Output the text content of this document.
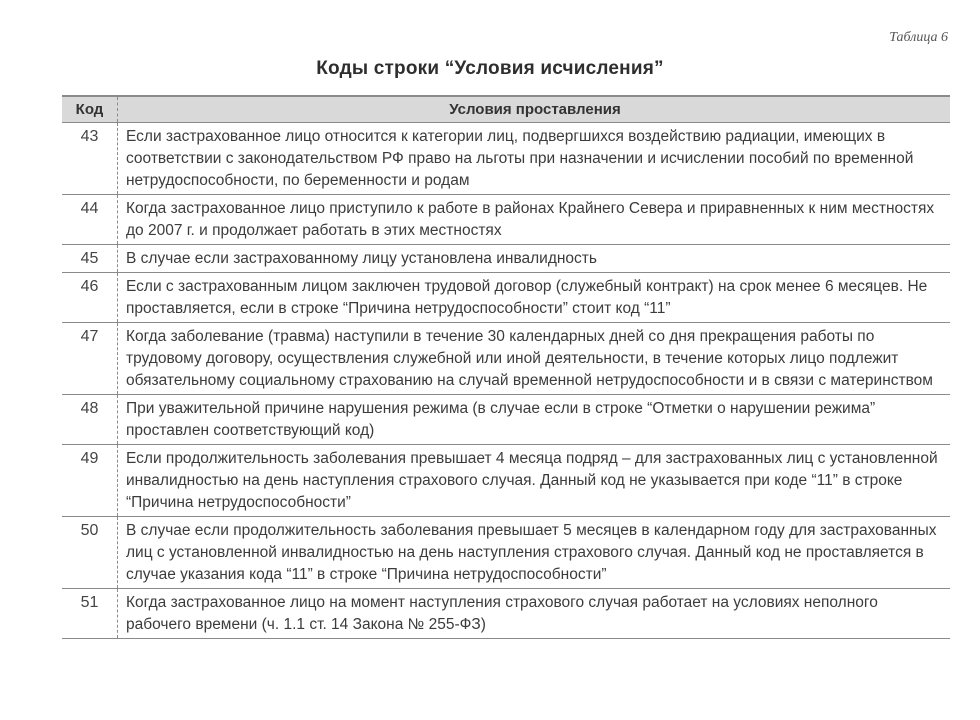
Таблица 6
Коды строки “Условия исчисления”
Код	Условия проставления
43	Если застрахованное лицо относится к категории лиц, подвергшихся воздействию радиации, имеющих в соответствии с законодательством РФ право на льготы при назначении и исчислении пособий по временной нетрудоспособности, по беременности и родам
44	Когда застрахованное лицо приступило к работе в районах Крайнего Севера и приравненных к ним местностях до 2007 г. и продолжает работать в этих местностях
45	В случае если застрахованному лицу установлена инвалидность
46	Если с застрахованным лицом заключен трудовой договор (служебный контракт) на срок менее 6 месяцев. Не проставляется, если в строке “Причина нетрудоспособности” стоит код “11”
47	Когда заболевание (травма) наступили в течение 30 календарных дней со дня прекращения работы по трудовому договору, осуществления служебной или иной деятельности, в течение которых лицо подлежит обязательному социальному страхованию на случай временной нетрудоспособности и в связи с материнством
48	При уважительной причине нарушения режима (в случае если в строке “Отметки о нарушении режима” проставлен соответствующий код)
49	Если продолжительность заболевания превышает 4 месяца подряд – для застрахованных лиц с установленной инвалидностью на день наступления страхового случая. Данный код не указывается при коде “11” в строке “Причина нетрудоспособности”
50	В случае если продолжительность заболевания превышает 5 месяцев в календарном году для застрахованных лиц с установленной инвалидностью на день наступления страхового случая. Данный код не проставляется в случае указания кода “11” в строке “Причина нетрудоспособности”
51	Когда застрахованное лицо на момент наступления страхового случая работает на условиях неполного рабочего времени (ч. 1.1 ст. 14 Закона № 255-ФЗ)
